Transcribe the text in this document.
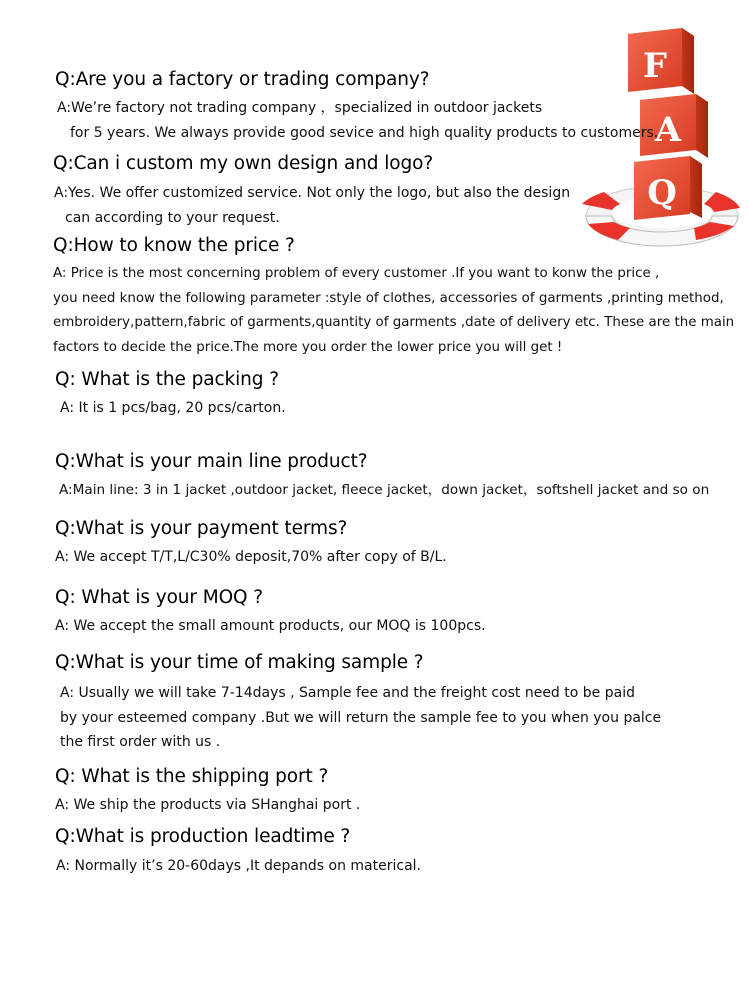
F
A
Q
Q:Are you a factory or trading company?
A:We’re factory not trading company ，specialized in outdoor jackets
for 5 years. We always provide good sevice and high quality products to customers.
Q:Can i custom my own design and logo?
A:Yes. We offer customized service. Not only the logo, but also the design
can according to your request.
Q:How to know the price ?
A: Price is the most concerning problem of every customer .If you want to konw the price ,
you need know the following parameter :style of clothes, accessories of garments ,printing method,
embroidery,pattern,fabric of garments,quantity of garments ,date of delivery etc. These are the main
factors to decide the price.The more you order the lower price you will get !
Q: What is the packing ?
A: It is 1 pcs/bag, 20 pcs/carton.
Q:What is your main line product?
A:Main line: 3 in 1 jacket ,outdoor jacket, fleece jacket，down jacket，softshell jacket and so on
Q:What is your payment terms?
A: We accept T/T,L/C30% deposit,70% after copy of B/L.
Q: What is your MOQ ?
A: We accept the small amount products, our MOQ is 100pcs.
Q:What is your time of making sample ?
A: Usually we will take 7-14days , Sample fee and the freight cost need to be paid
by your esteemed company .But we will return the sample fee to you when you palce
the first order with us .
Q: What is the shipping port ?
A: We ship the products via SHanghai port .
Q:What is production leadtime ?
A: Normally it’s 20-60days ,It depands on materical.
